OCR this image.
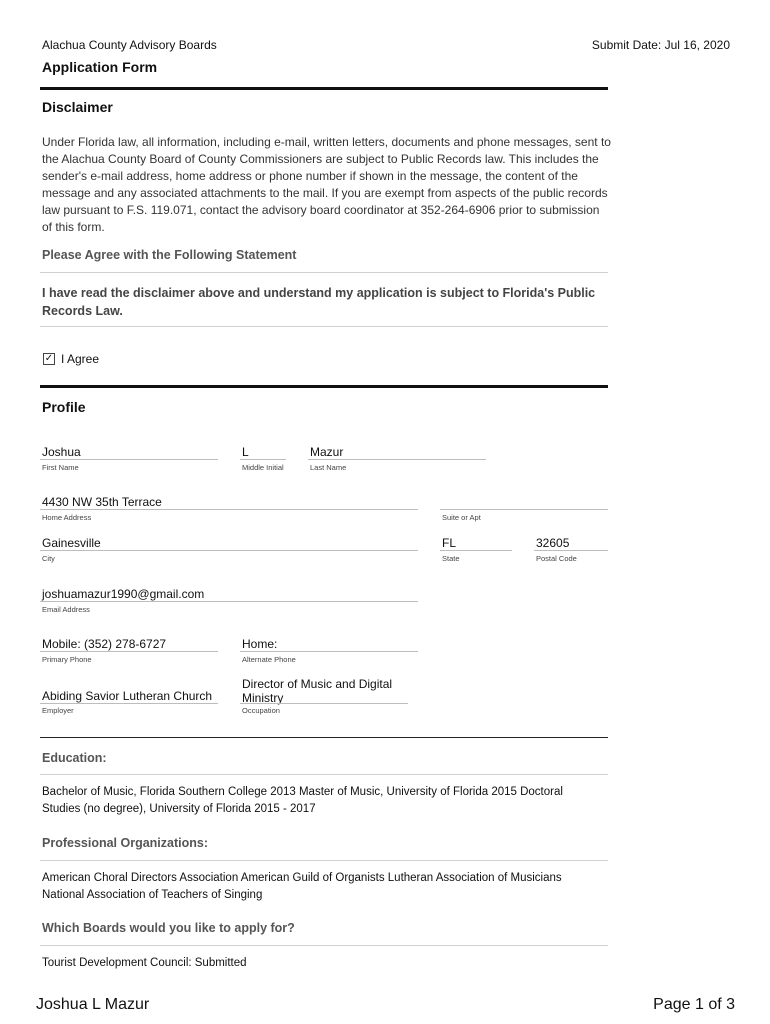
Alachua County Advisory Boards	Submit Date: Jul 16, 2020
Application Form
Disclaimer
Under Florida law, all information, including e-mail, written letters, documents and phone messages, sent to the Alachua County Board of County Commissioners are subject to Public Records law. This includes the sender's e-mail address, home address or phone number if shown in the message, the content of the message and any associated attachments to the mail. If you are exempt from aspects of the public records law pursuant to F.S. 119.071, contact the advisory board coordinator at 352-264-6906 prior to submission of this form.
Please Agree with the Following Statement
I have read the disclaimer above and understand my application is subject to Florida's Public Records Law.
✓ I Agree
Profile
Joshua
First Name
L
Middle Initial
Mazur
Last Name
4430 NW 35th Terrace
Home Address	Suite or Apt
Gainesville
City
FL
State
32605
Postal Code
joshuamazur1990@gmail.com
Email Address
Mobile: (352) 278-6727
Primary Phone
Home:
Alternate Phone
Abiding Savior Lutheran Church
Employer
Director of Music and Digital Ministry
Occupation
Education:
Bachelor of Music, Florida Southern College 2013 Master of Music, University of Florida 2015 Doctoral Studies (no degree), University of Florida 2015 - 2017
Professional Organizations:
American Choral Directors Association American Guild of Organists Lutheran Association of Musicians National Association of Teachers of Singing
Which Boards would you like to apply for?
Tourist Development Council: Submitted
Joshua L Mazur	Page 1 of 3
